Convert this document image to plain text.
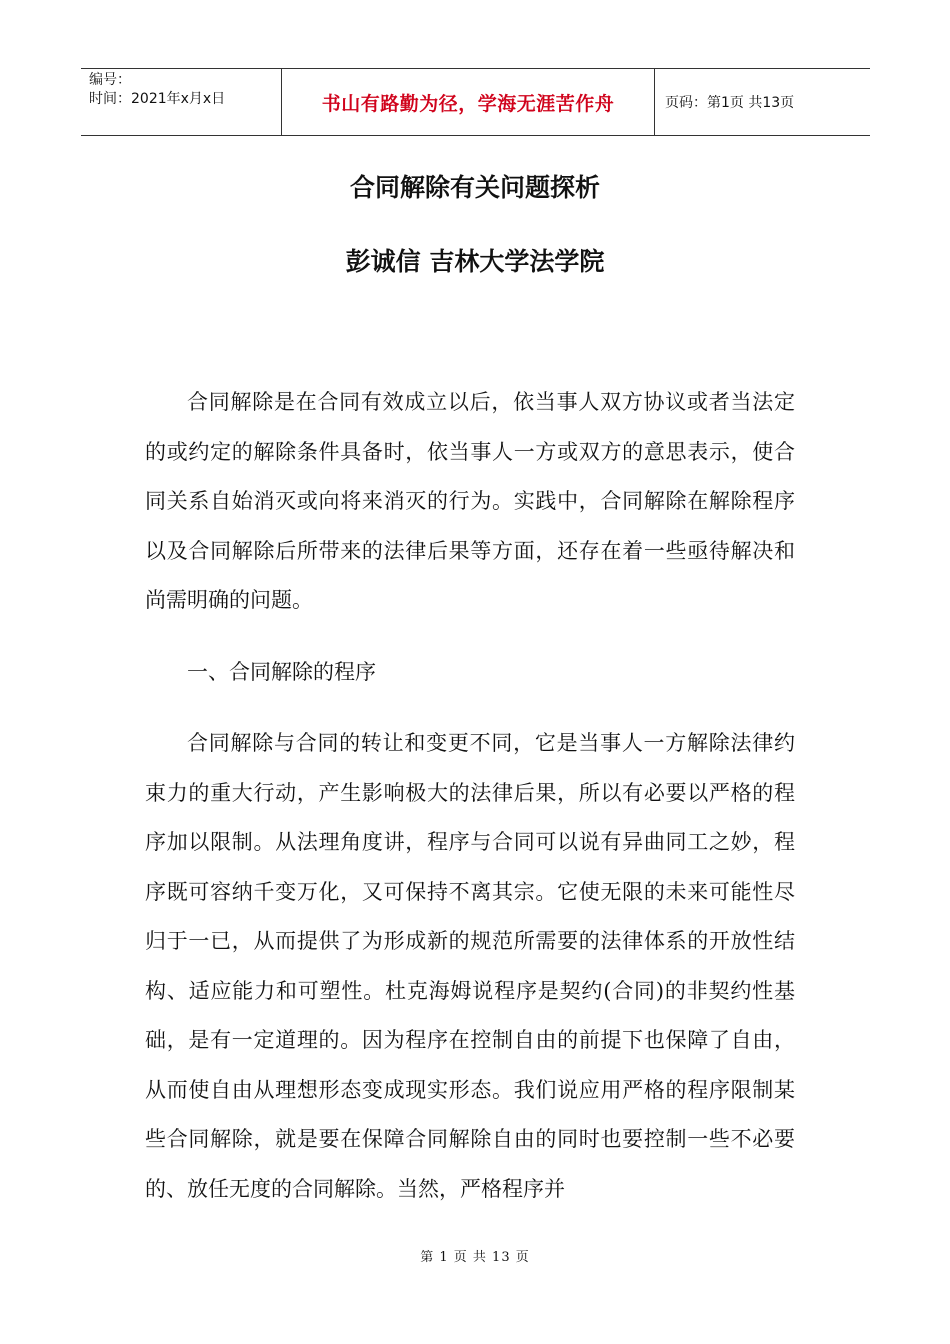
编号：
时间：2021年x月x日	书山有路勤为径，学海无涯苦作舟	页码：第1页 共13页
合同解除有关问题探析
彭诚信 吉林大学法学院

合同解除是在合同有效成立以后，依当事人双方协议或者当法定的或约定的解除条件具备时，依当事人一方或双方的意思表示，使合同关系自始消灭或向将来消灭的行为。实践中，合同解除在解除程序以及合同解除后所带来的法律后果等方面，还存在着一些亟待解决和尚需明确的问题。

一、合同解除的程序

合同解除与合同的转让和变更不同，它是当事人一方解除法律约束力的重大行动，产生影响极大的法律后果，所以有必要以严格的程序加以限制。从法理角度讲，程序与合同可以说有异曲同工之妙，程序既可容纳千变万化，又可保持不离其宗。它使无限的未来可能性尽归于一已，从而提供了为形成新的规范所需要的法律体系的开放性结构、适应能力和可塑性。杜克海姆说程序是契约(合同)的非契约性基础，是有一定道理的。因为程序在控制自由的前提下也保障了自由，从而使自由从理想形态变成现实形态。我们说应用严格的程序限制某些合同解除，就是要在保障合同解除自由的同时也要控制一些不必要的、放任无度的合同解除。当然，严格程序并

第 1 页 共 13 页
